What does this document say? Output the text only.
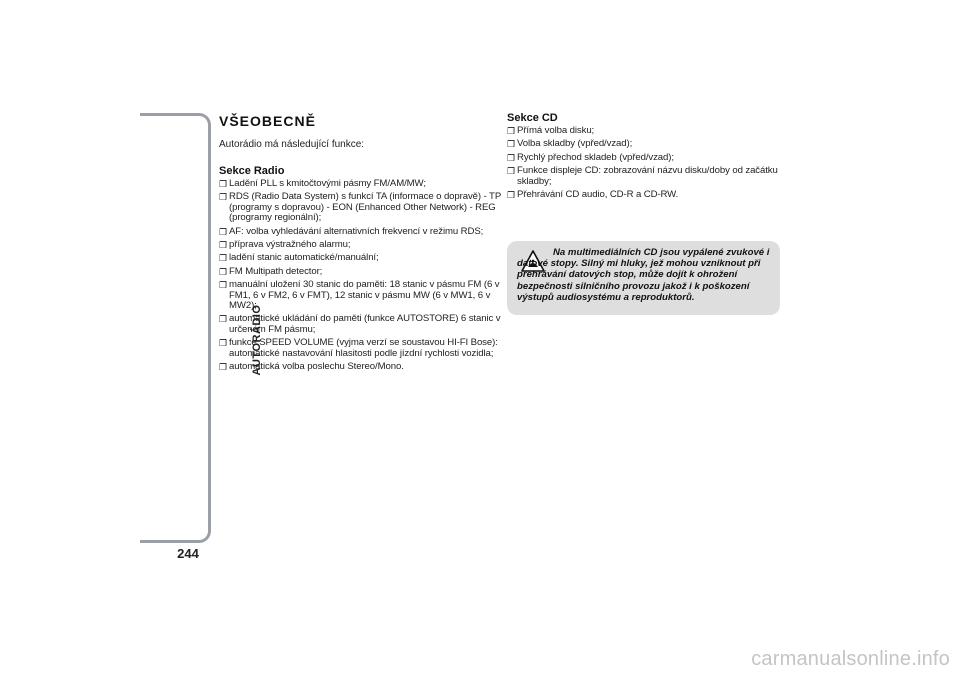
AUTORÁDIO
244
VŠEOBECNĚ
Autorádio má následující funkce:
Sekce Radio
❐ Ladění PLL s kmitočtovými pásmy FM/AM/MW;
❐ RDS (Radio Data System) s funkcí TA (informace o dopravě) - TP (programy s dopravou) - EON (Enhanced Other Network) - REG (programy regionální);
❐ AF: volba vyhledávání alternativních frekvencí v režimu RDS;
❐ příprava výstražného alarmu;
❐ ladění stanic automatické/manuální;
❐ FM Multipath detector;
❐ manuální uložení 30 stanic do paměti: 18 stanic v pásmu FM (6 v FM1, 6 v FM2, 6 v FMT), 12 stanic v pásmu MW (6 v MW1, 6 v MW2);
❐ automatické ukládání do paměti (funkce AUTOSTORE) 6 stanic v určeném FM pásmu;
❐ funkce SPEED VOLUME (vyjma verzí se soustavou HI-FI Bose): automatické nastavování hlasitosti podle jízdní rychlosti vozidla;
❐ automatická volba poslechu Stereo/Mono.
Sekce CD
❐ Přímá volba disku;
❐ Volba skladby (vpřed/vzad);
❐ Rychlý přechod skladeb (vpřed/vzad);
❐ Funkce displeje CD: zobrazování názvu disku/doby od začátku skladby;
❐ Přehrávání CD audio, CD-R a CD-RW.
Na multimediálních CD jsou vypálené zvukové i datové stopy. Silný mi hluky, jež mohou vzniknout při přehrávání datových stop, může dojít k ohrožení bezpečnosti silničního provozu jakož i k poškození výstupů audiosystému a reproduktorů.
carmanualsonline.info
